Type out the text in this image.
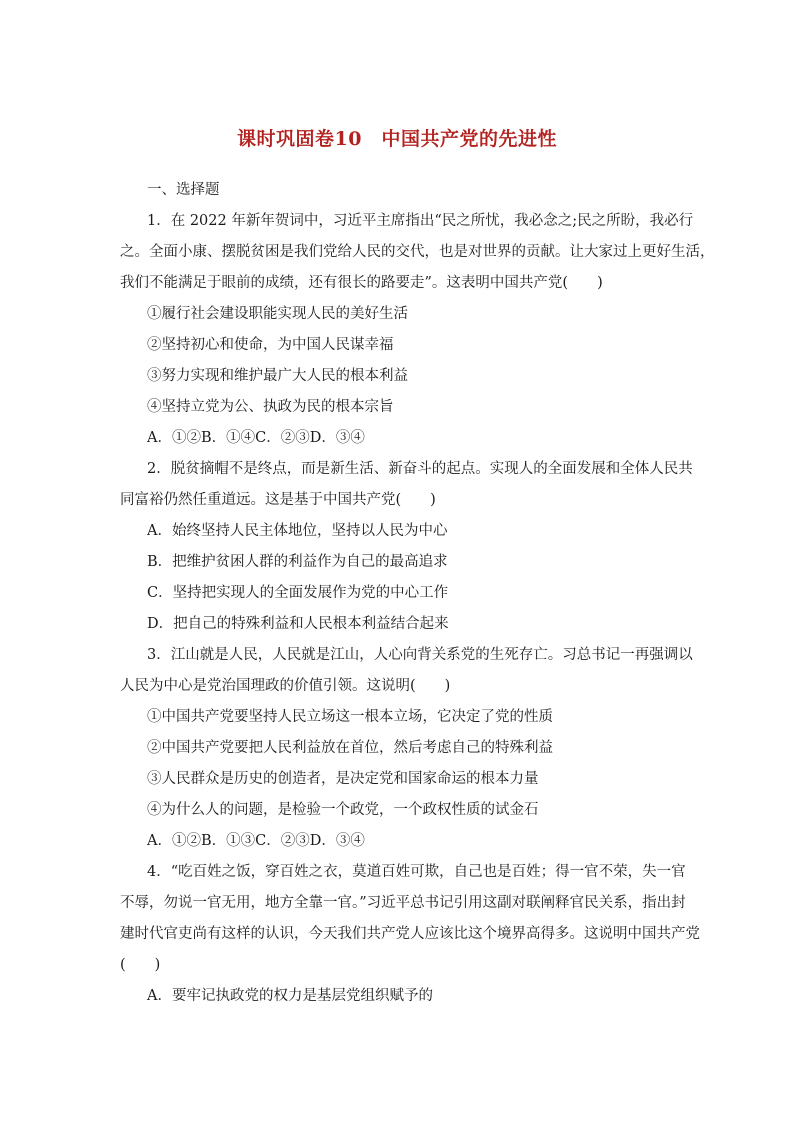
课时巩固卷10　中国共产党的先进性
一、选择题
1．在 2022 年新年贺词中，习近平主席指出“民之所忧，我必念之;民之所盼，我必行
之。全面小康、摆脱贫困是我们党给人民的交代，也是对世界的贡献。让大家过上更好生活，
我们不能满足于眼前的成绩，还有很长的路要走”。这表明中国共产党(　　)
①履行社会建设职能实现人民的美好生活
②坚持初心和使命，为中国人民谋幸福
③努力实现和维护最广大人民的根本利益
④坚持立党为公、执政为民的根本宗旨
A．①②B．①④C．②③D．③④
2．脱贫摘帽不是终点，而是新生活、新奋斗的起点。实现人的全面发展和全体人民共
同富裕仍然任重道远。这是基于中国共产党(　　)
A．始终坚持人民主体地位，坚持以人民为中心
B．把维护贫困人群的利益作为自己的最高追求
C．坚持把实现人的全面发展作为党的中心工作
D．把自己的特殊利益和人民根本利益结合起来
3．江山就是人民，人民就是江山，人心向背关系党的生死存亡。习总书记一再强调以
人民为中心是党治国理政的价值引领。这说明(　　)
①中国共产党要坚持人民立场这一根本立场，它决定了党的性质
②中国共产党要把人民利益放在首位，然后考虑自己的特殊利益
③人民群众是历史的创造者，是决定党和国家命运的根本力量
④为什么人的问题，是检验一个政党，一个政权性质的试金石
A．①②B．①③C．②③D．③④
4．“吃百姓之饭，穿百姓之衣，莫道百姓可欺，自己也是百姓；得一官不荣，失一官
不辱，勿说一官无用，地方全靠一官。”习近平总书记引用这副对联阐释官民关系，指出封
建时代官吏尚有这样的认识，今天我们共产党人应该比这个境界高得多。这说明中国共产党
(　　)
A．要牢记执政党的权力是基层党组织赋予的
